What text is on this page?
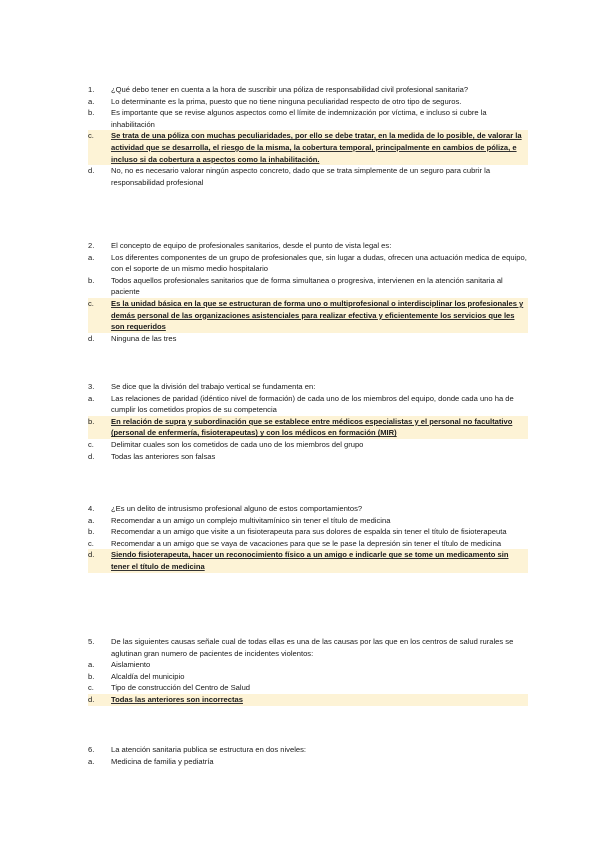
1. ¿Qué debo tener en cuenta a la hora de suscribir una póliza de responsabilidad civil profesional sanitaria?
a. Lo determinante es la prima, puesto que no tiene ninguna peculiaridad respecto de otro tipo de seguros.
b. Es importante que se revise algunos aspectos como el límite de indemnización por víctima, e incluso si cubre la inhabilitación
c. Se trata de una póliza con muchas peculiaridades, por ello se debe tratar, en la medida de lo posible, de valorar la actividad que se desarrolla, el riesgo de la misma, la cobertura temporal, principalmente en cambios de póliza, e incluso si da cobertura a aspectos como la inhabilitación.
d. No, no es necesario valorar ningún aspecto concreto, dado que se trata simplemente de un seguro para cubrir la responsabilidad profesional
2. El concepto de equipo de profesionales sanitarios, desde el punto de vista legal es:
a. Los diferentes componentes de un grupo de profesionales que, sin lugar a dudas, ofrecen una actuación medica de equipo, con el soporte de un mismo medio hospitalario
b. Todos aquellos profesionales sanitarios que de forma simultanea o progresiva, intervienen en la atención sanitaria al paciente
c. Es la unidad básica en la que se estructuran de forma uno o multiprofesional o interdisciplinar los profesionales y demás personal de las organizaciones asistenciales para realizar efectiva y eficientemente los servicios que les son requeridos
d. Ninguna de las tres
3. Se dice que la división del trabajo vertical se fundamenta en:
a. Las relaciones de paridad (idéntico nivel de formación) de cada uno de los miembros del equipo, donde cada uno ha de cumplir los cometidos propios de su competencia
b. En relación de supra y subordinación que se establece entre médicos especialistas y el personal no facultativo (personal de enfermería, fisioterapeutas) y con los médicos en formación (MIR)
c. Delimitar cuales son los cometidos de cada uno de los miembros del grupo
d. Todas las anteriores son falsas
4. ¿Es un delito de intrusismo profesional alguno de estos comportamientos?
a. Recomendar a un amigo un complejo multivitamínico sin tener el título de medicina
b. Recomendar a un amigo que visite a un fisioterapeuta para sus dolores de espalda sin tener el título de fisioterapeuta
c. Recomendar a un amigo que se vaya de vacaciones para que se le pase la depresión sin tener el título de medicina
d. Siendo fisioterapeuta, hacer un reconocimiento físico a un amigo e indicarle que se tome un medicamento sin tener el título de medicina
5. De las siguientes causas señale cual de todas ellas es una de las causas por las que en los centros de salud rurales se aglutinan gran numero de pacientes de incidentes violentos:
a. Aislamiento
b. Alcaldía del municipio
c. Tipo de construcción del Centro de Salud
d. Todas las anteriores son incorrectas
6. La atención sanitaria publica se estructura en dos niveles:
a. Medicina de familia y pediatría
